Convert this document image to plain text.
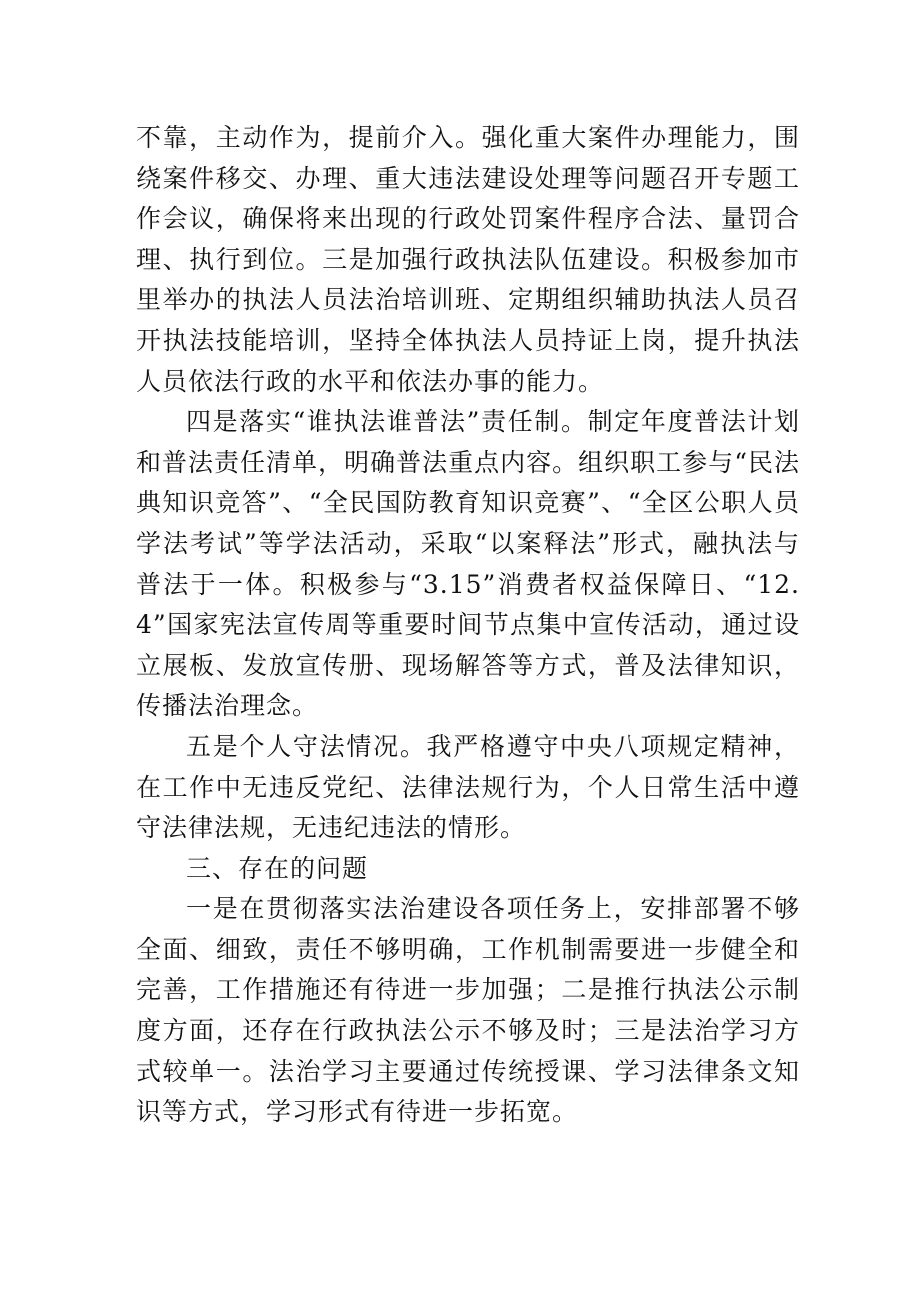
不靠，主动作为，提前介入。强化重大案件办理能力，围绕案件移交、办理、重大违法建设处理等问题召开专题工作会议，确保将来出现的行政处罚案件程序合法、量罚合理、执行到位。三是加强行政执法队伍建设。积极参加市里举办的执法人员法治培训班、定期组织辅助执法人员召开执法技能培训，坚持全体执法人员持证上岗，提升执法人员依法行政的水平和依法办事的能力。

四是落实“谁执法谁普法”责任制。制定年度普法计划和普法责任清单，明确普法重点内容。组织职工参与“民法典知识竞答”、“全民国防教育知识竞赛”、“全区公职人员学法考试”等学法活动，采取“以案释法”形式，融执法与普法于一体。积极参与“3.15”消费者权益保障日、“12.4”国家宪法宣传周等重要时间节点集中宣传活动，通过设立展板、发放宣传册、现场解答等方式，普及法律知识，传播法治理念。

五是个人守法情况。我严格遵守中央八项规定精神，在工作中无违反党纪、法律法规行为，个人日常生活中遵守法律法规，无违纪违法的情形。

三、存在的问题

一是在贯彻落实法治建设各项任务上，安排部署不够全面、细致，责任不够明确，工作机制需要进一步健全和完善，工作措施还有待进一步加强；二是推行执法公示制度方面，还存在行政执法公示不够及时；三是法治学习方式较单一。法治学习主要通过传统授课、学习法律条文知识等方式，学习形式有待进一步拓宽。
